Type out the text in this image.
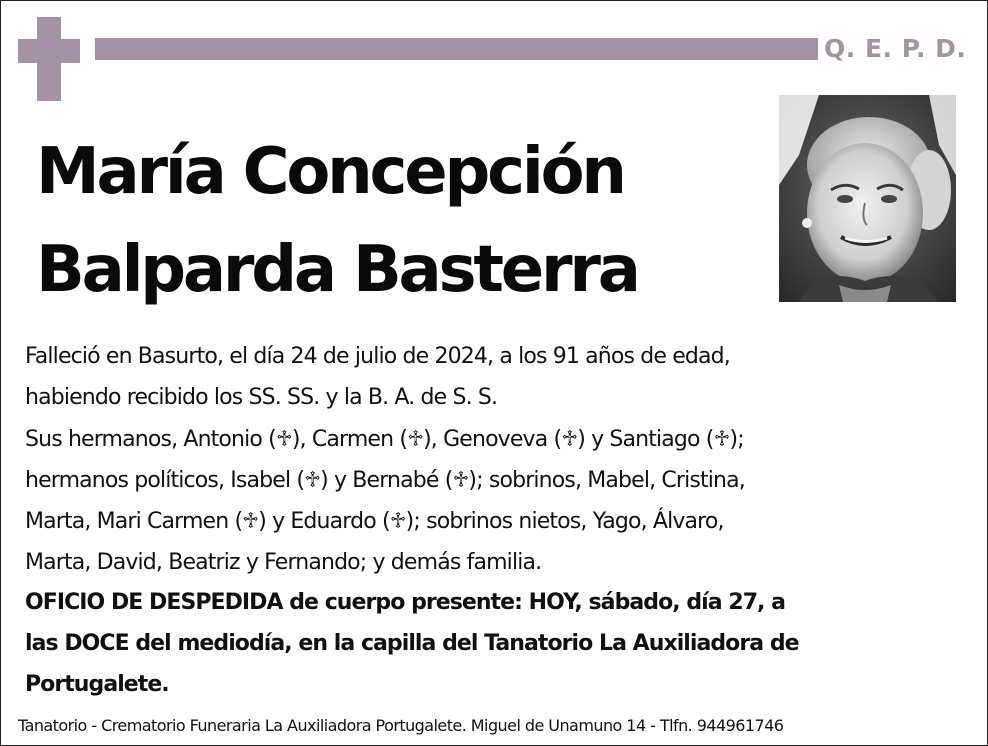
Q. E. P. D.
María Concepción
Balparda Basterra
Falleció en Basurto, el día 24 de julio de 2024, a los 91 años de edad,
habiendo recibido los SS. SS. y la B. A. de S. S.
Sus hermanos, Antonio (♱), Carmen (♱), Genoveva (♱) y Santiago (♱);
hermanos políticos, Isabel (♱) y Bernabé (♱); sobrinos, Mabel, Cristina,
Marta, Mari Carmen (♱) y Eduardo (♱); sobrinos nietos, Yago, Álvaro,
Marta, David, Beatriz y Fernando; y demás familia.
OFICIO DE DESPEDIDA de cuerpo presente: HOY, sábado, día 27, a
las DOCE del mediodía, en la capilla del Tanatorio La Auxiliadora de
Portugalete.
Tanatorio - Crematorio Funeraria La Auxiliadora Portugalete. Miguel de Unamuno 14 - Tlfn. 944961746
